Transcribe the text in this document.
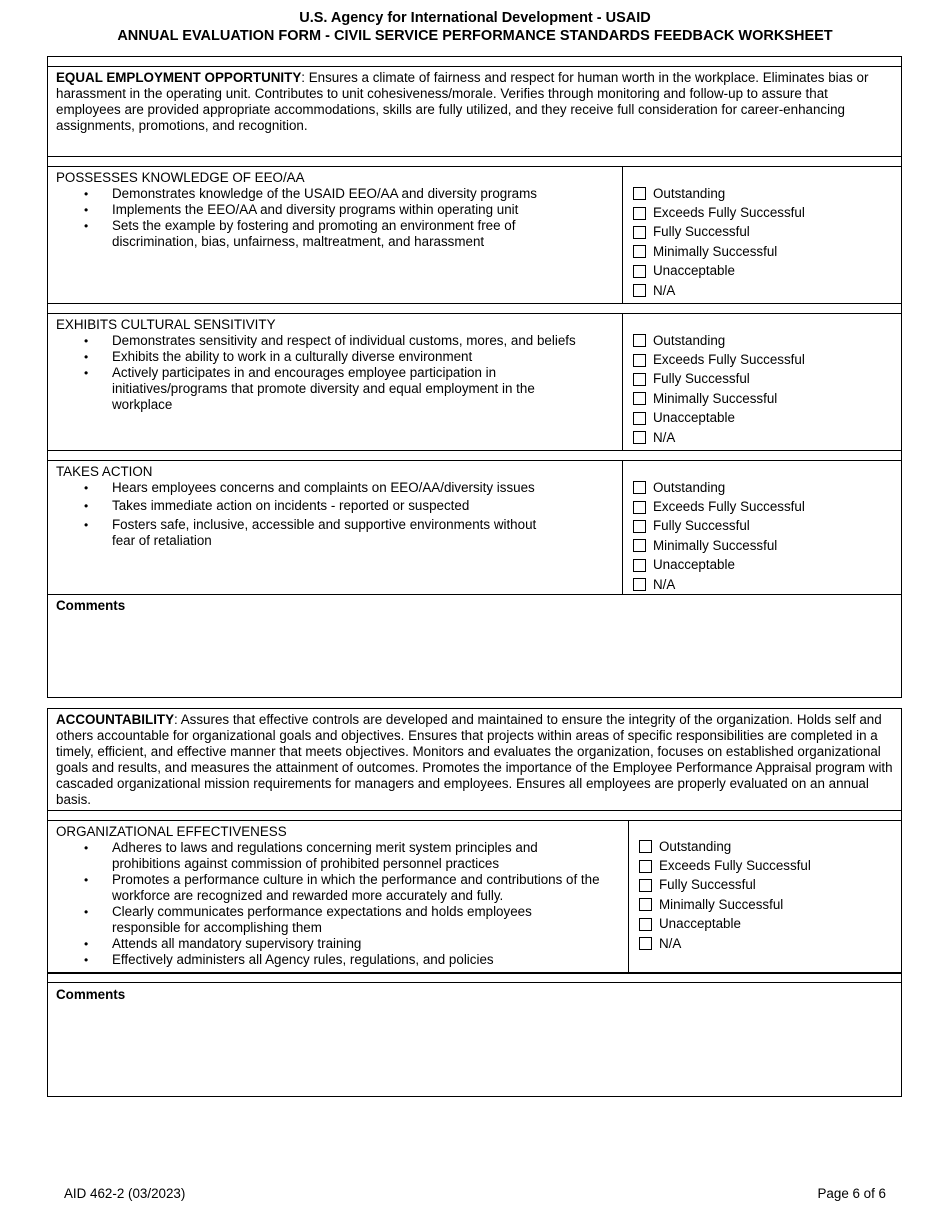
U.S. Agency for International Development - USAID
ANNUAL EVALUATION FORM - CIVIL SERVICE PERFORMANCE STANDARDS FEEDBACK WORKSHEET
EQUAL EMPLOYMENT OPPORTUNITY: Ensures a climate of fairness and respect for human worth in the workplace. Eliminates bias or harassment in the operating unit. Contributes to unit cohesiveness/morale. Verifies through monitoring and follow-up to assure that employees are provided appropriate accommodations, skills are fully utilized, and they receive full consideration for career-enhancing assignments, promotions, and recognition.
POSSESSES KNOWLEDGE OF EEO/AA
• Demonstrates knowledge of the USAID EEO/AA and diversity programs
• Implements the EEO/AA and diversity programs within operating unit
• Sets the example by fostering and promoting an environment free of discrimination, bias, unfairness, maltreatment, and harassment
Outstanding
Exceeds Fully Successful
Fully Successful
Minimally Successful
Unacceptable
N/A
EXHIBITS CULTURAL SENSITIVITY
• Demonstrates sensitivity and respect of individual customs, mores, and beliefs
• Exhibits the ability to work in a culturally diverse environment
• Actively participates in and encourages employee participation in initiatives/programs that promote diversity and equal employment in the workplace
Outstanding
Exceeds Fully Successful
Fully Successful
Minimally Successful
Unacceptable
N/A
TAKES ACTION
• Hears employees concerns and complaints on EEO/AA/diversity issues
• Takes immediate action on incidents - reported or suspected
• Fosters safe, inclusive, accessible and supportive environments without fear of retaliation
Outstanding
Exceeds Fully Successful
Fully Successful
Minimally Successful
Unacceptable
N/A
Comments
ACCOUNTABILITY: Assures that effective controls are developed and maintained to ensure the integrity of the organization. Holds self and others accountable for organizational goals and objectives. Ensures that projects within areas of specific responsibilities are completed in a timely, efficient, and effective manner that meets objectives. Monitors and evaluates the organization, focuses on established organizational goals and results, and measures the attainment of outcomes. Promotes the importance of the Employee Performance Appraisal program with cascaded organizational mission requirements for managers and employees. Ensures all employees are properly evaluated on an annual basis.
ORGANIZATIONAL EFFECTIVENESS
• Adheres to laws and regulations concerning merit system principles and prohibitions against commission of prohibited personnel practices
• Promotes a performance culture in which the performance and contributions of the workforce are recognized and rewarded more accurately and fully.
• Clearly communicates performance expectations and holds employees responsible for accomplishing them
• Attends all mandatory supervisory training
• Effectively administers all Agency rules, regulations, and policies
Outstanding
Exceeds Fully Successful
Fully Successful
Minimally Successful
Unacceptable
N/A
Comments
AID 462-2 (03/2023)	Page 6 of 6
